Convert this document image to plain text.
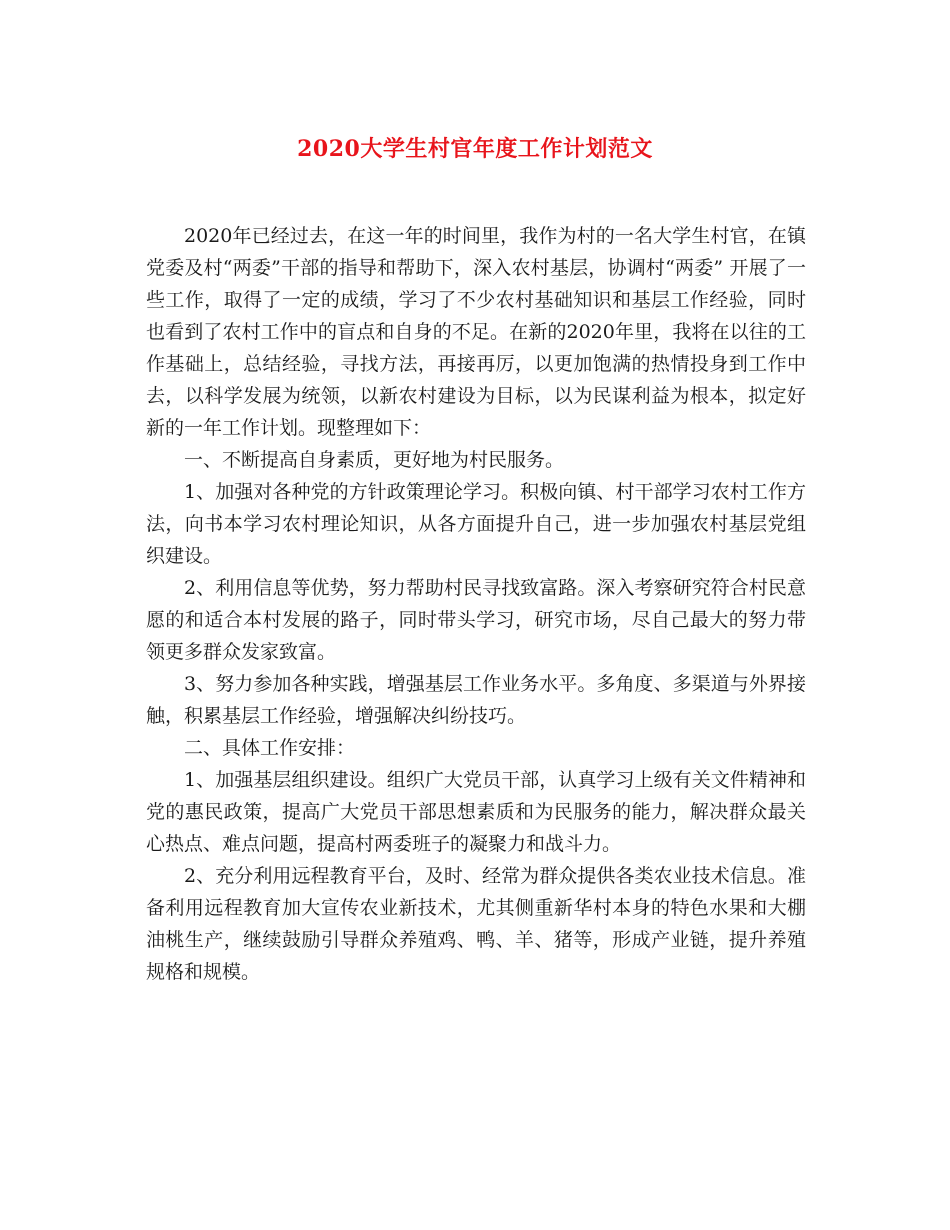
2020大学生村官年度工作计划范文

2020年已经过去，在这一年的时间里，我作为村的一名大学生村官，在镇党委及村“两委”干部的指导和帮助下，深入农村基层，协调村“两委” 开展了一些工作，取得了一定的成绩，学习了不少农村基础知识和基层工作经验，同时也看到了农村工作中的盲点和自身的不足。在新的2020年里，我将在以往的工作基础上，总结经验，寻找方法，再接再厉，以更加饱满的热情投身到工作中去，以科学发展为统领，以新农村建设为目标，以为民谋利益为根本，拟定好新的一年工作计划。现整理如下：

一、不断提高自身素质，更好地为村民服务。

1、加强对各种党的方针政策理论学习。积极向镇、村干部学习农村工作方法，向书本学习农村理论知识，从各方面提升自己，进一步加强农村基层党组织建设。

2、利用信息等优势，努力帮助村民寻找致富路。深入考察研究符合村民意愿的和适合本村发展的路子，同时带头学习，研究市场，尽自己最大的努力带领更多群众发家致富。

3、努力参加各种实践，增强基层工作业务水平。多角度、多渠道与外界接触，积累基层工作经验，增强解决纠纷技巧。

二、具体工作安排：

1、加强基层组织建设。组织广大党员干部，认真学习上级有关文件精神和党的惠民政策，提高广大党员干部思想素质和为民服务的能力，解决群众最关心热点、难点问题，提高村两委班子的凝聚力和战斗力。

2、充分利用远程教育平台，及时、经常为群众提供各类农业技术信息。准备利用远程教育加大宣传农业新技术，尤其侧重新华村本身的特色水果和大棚油桃生产，继续鼓励引导群众养殖鸡、鸭、羊、猪等，形成产业链，提升养殖规格和规模。
